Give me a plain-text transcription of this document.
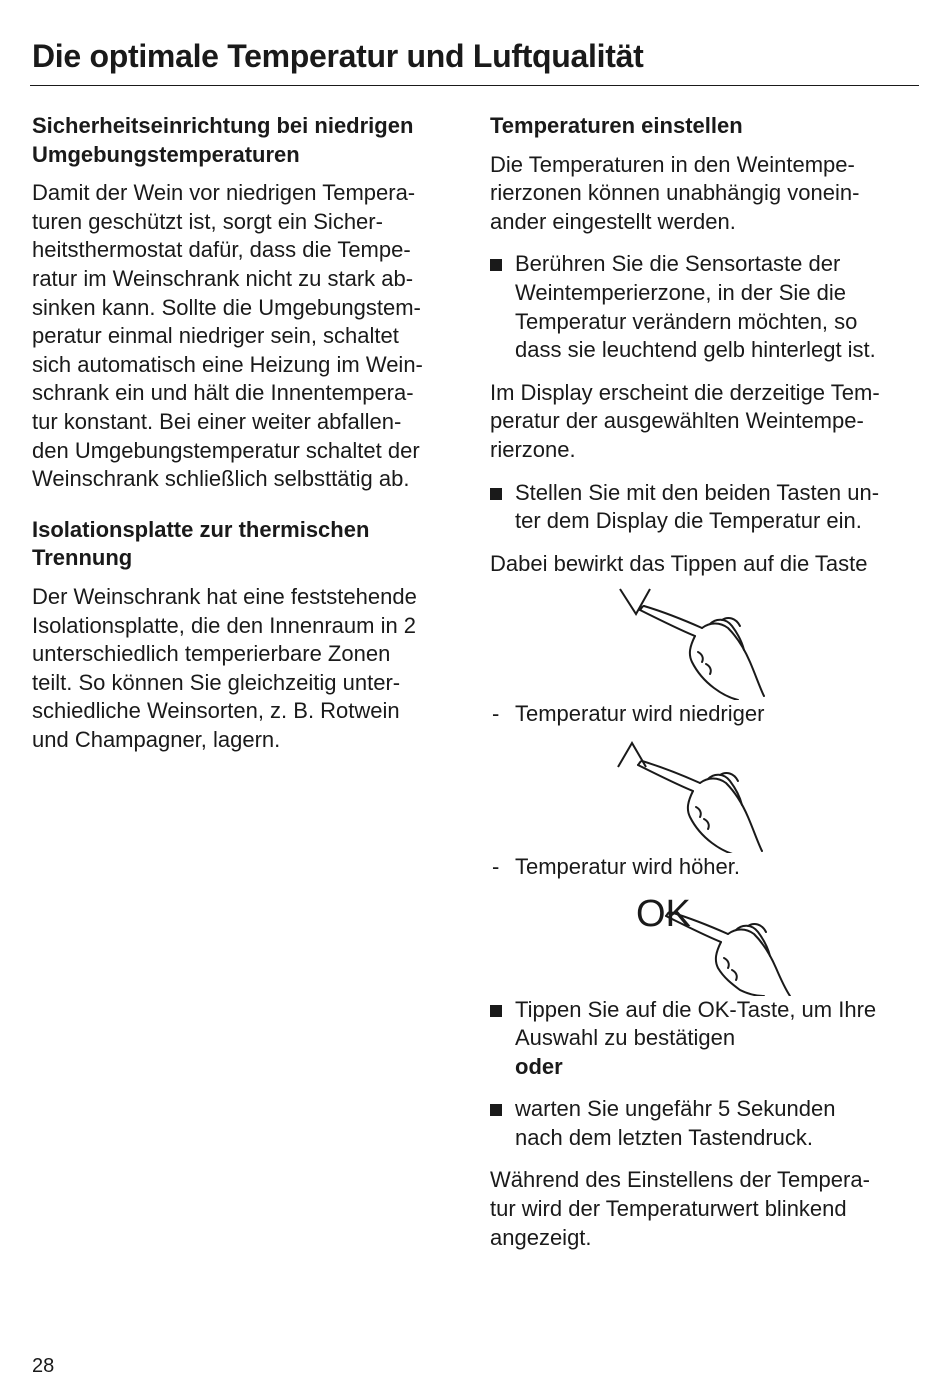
Die optimale Temperatur und Luftqualität
Sicherheitseinrichtung bei niedrigen
Umgebungstemperaturen
Damit der Wein vor niedrigen Tempera-
turen geschützt ist, sorgt ein Sicher-
heitsthermostat dafür, dass die Tempe-
ratur im Weinschrank nicht zu stark ab-
sinken kann. Sollte die Umgebungstem-
peratur einmal niedriger sein, schaltet
sich automatisch eine Heizung im Wein-
schrank ein und hält die Innentempera-
tur konstant. Bei einer weiter abfallen-
den Umgebungstemperatur schaltet der
Weinschrank schließlich selbsttätig ab.
Isolationsplatte zur thermischen
Trennung
Der Weinschrank hat eine feststehende
Isolationsplatte, die den Innenraum in 2
unterschiedlich temperierbare Zonen
teilt. So können Sie gleichzeitig unter-
schiedliche Weinsorten, z. B. Rotwein
und Champagner, lagern.
Temperaturen einstellen
Die Temperaturen in den Weintempe-
rierzonen können unabhängig vonein-
ander eingestellt werden.
Berühren Sie die Sensortaste der
Weintemperierzone, in der Sie die
Temperatur verändern möchten, so
dass sie leuchtend gelb hinterlegt ist.
Im Display erscheint die derzeitige Tem-
peratur der ausgewählten Weintempe-
rierzone.
Stellen Sie mit den beiden Tasten un-
ter dem Display die Temperatur ein.
Dabei bewirkt das Tippen auf die Taste
- Temperatur wird niedriger
- Temperatur wird höher.
OK
Tippen Sie auf die OK-Taste, um Ihre
Auswahl zu bestätigen
oder
warten Sie ungefähr 5 Sekunden
nach dem letzten Tastendruck.
Während des Einstellens der Tempera-
tur wird der Temperaturwert blinkend
angezeigt.
28
